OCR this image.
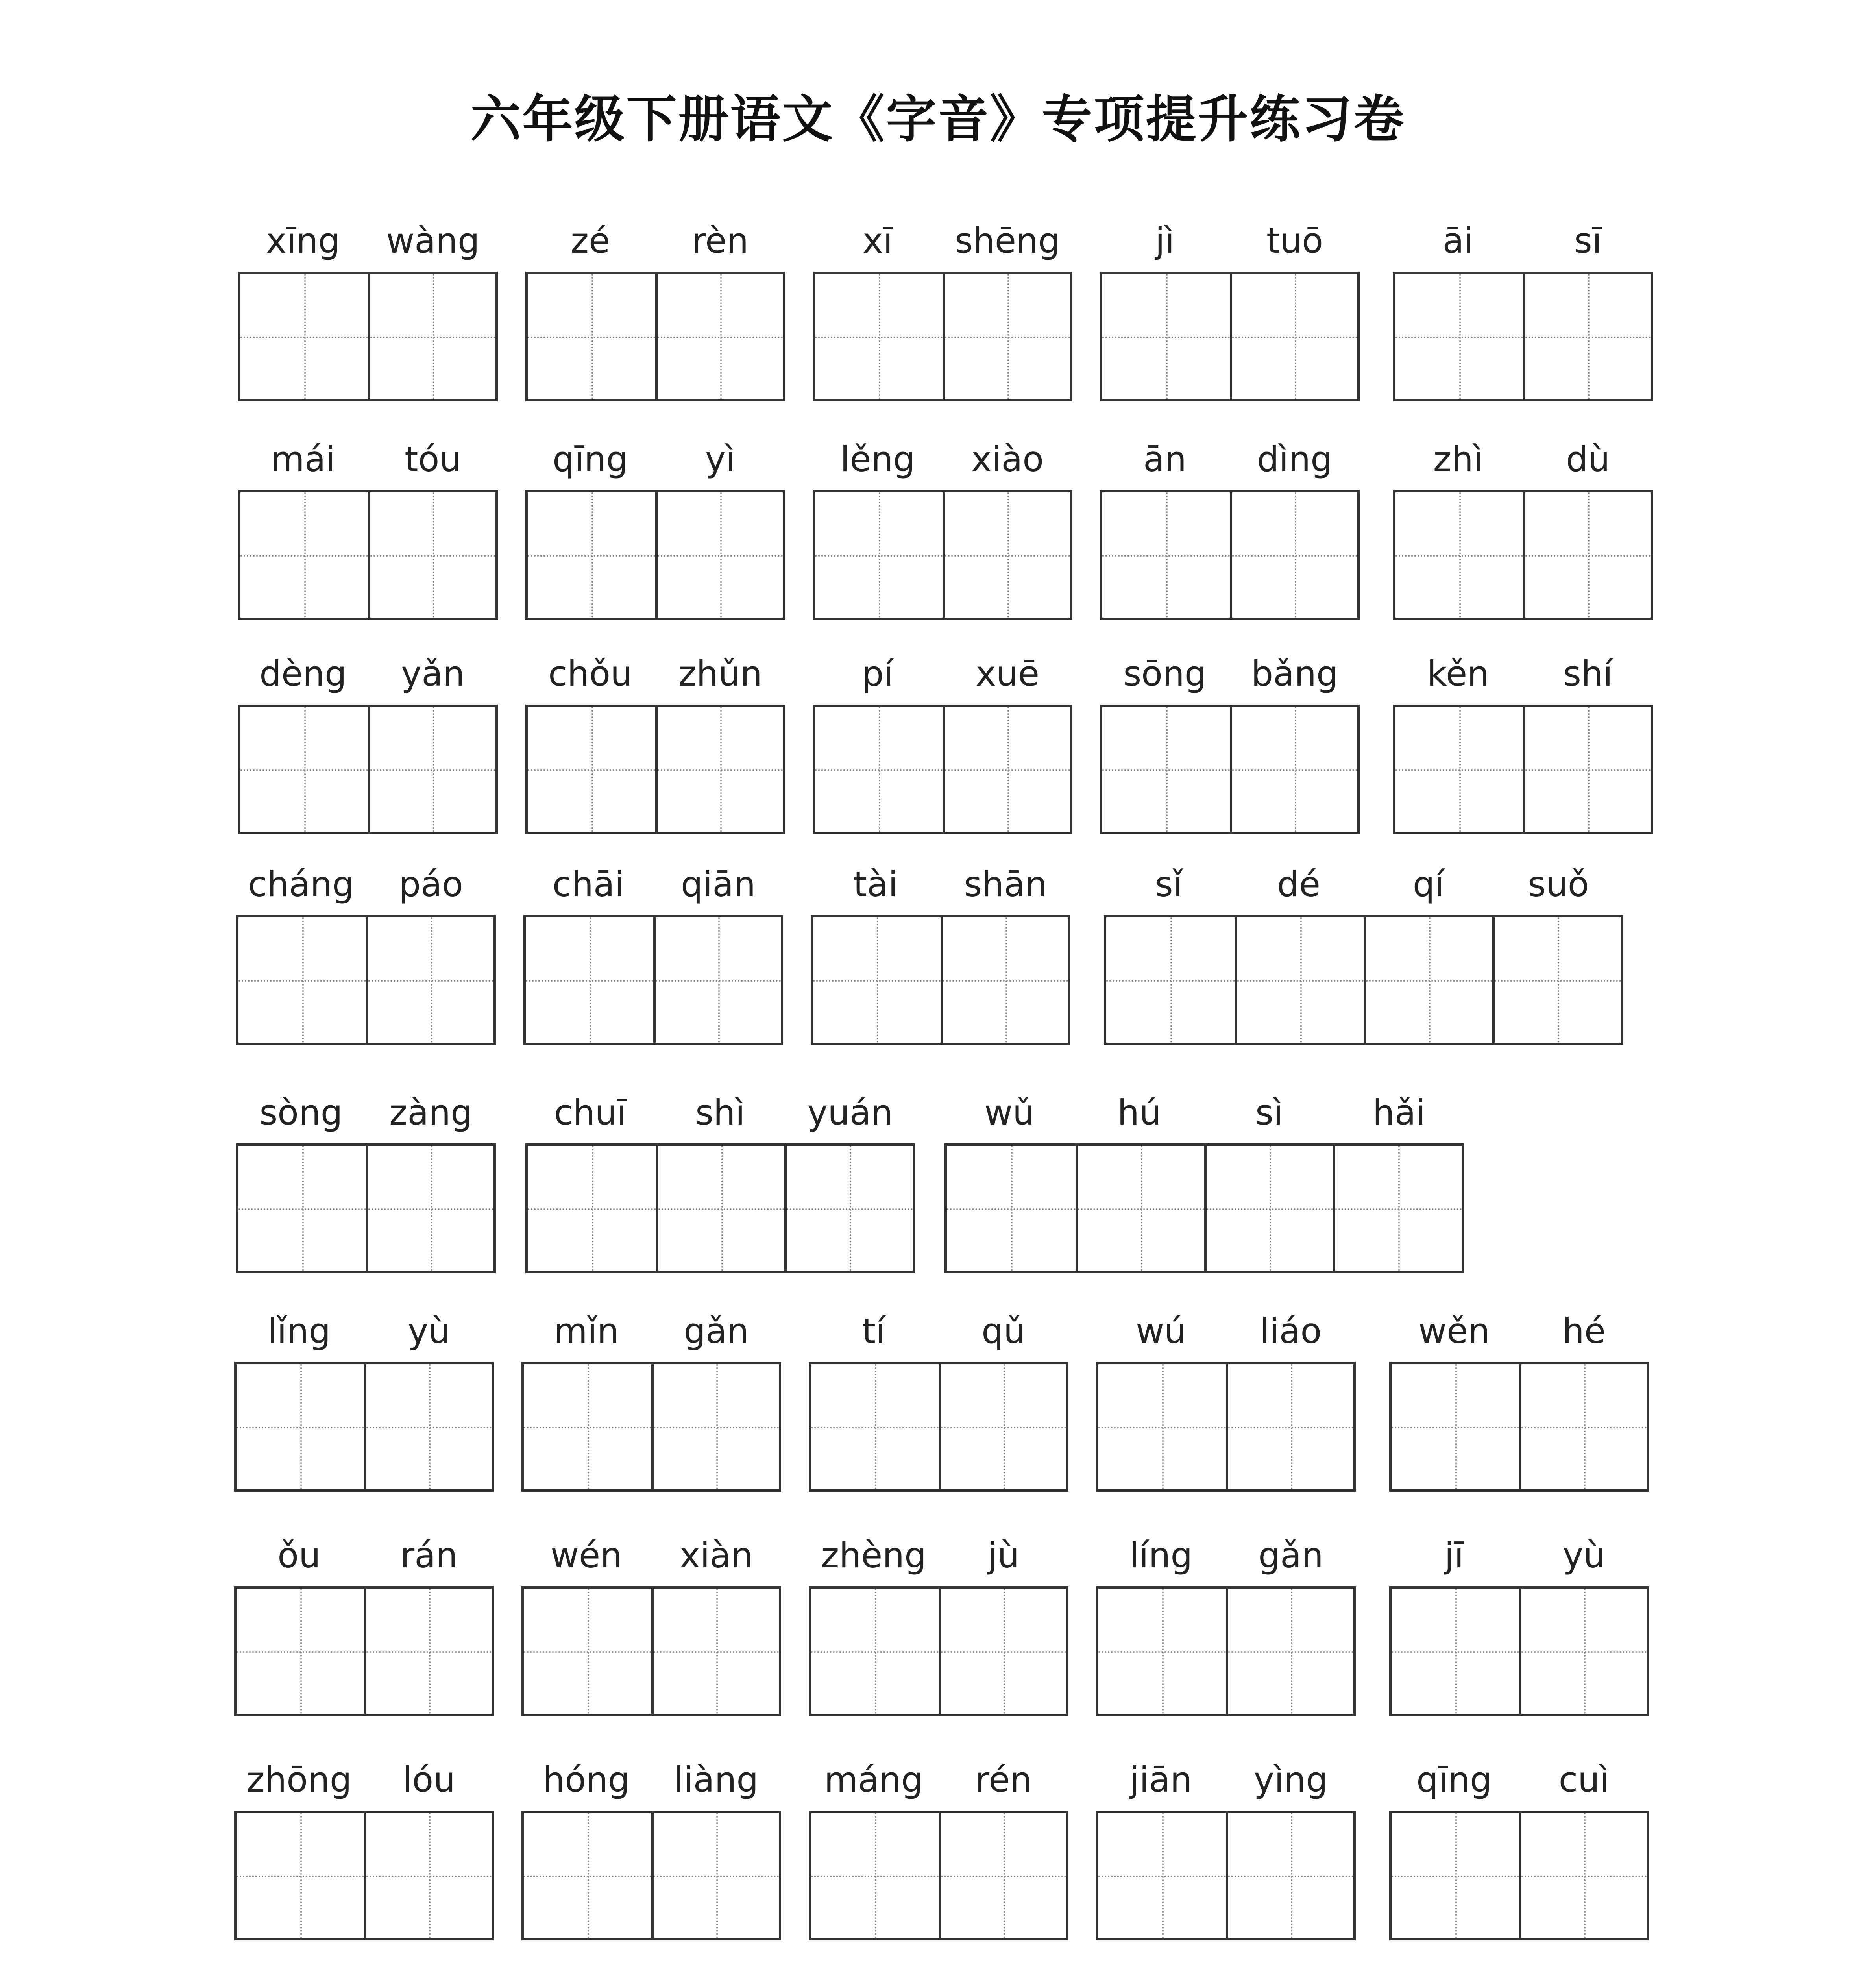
六年级下册语文《字音》专项提升练习卷
xīng	wàng	zé	rèn	xī	shēng	jì	tuō	āi	sī
mái	tóu	qīng	yì	lěng	xiào	ān	dìng	zhì	dù
dèng	yǎn	chǒu	zhǔn	pí	xuē	sōng	bǎng	kěn	shí
cháng	páo	chāi	qiān	tài	shān	sǐ	dé	qí	suǒ
sòng	zàng	chuī	shì	yuán	wǔ	hú	sì	hǎi
lǐng	yù	mǐn	gǎn	tí	qǔ	wú	liáo	wěn	hé
ǒu	rán	wén	xiàn	zhèng	jù	líng	gǎn	jī	yù
zhōng	lóu	hóng	liàng	máng	rén	jiān	yìng	qīng	cuì
